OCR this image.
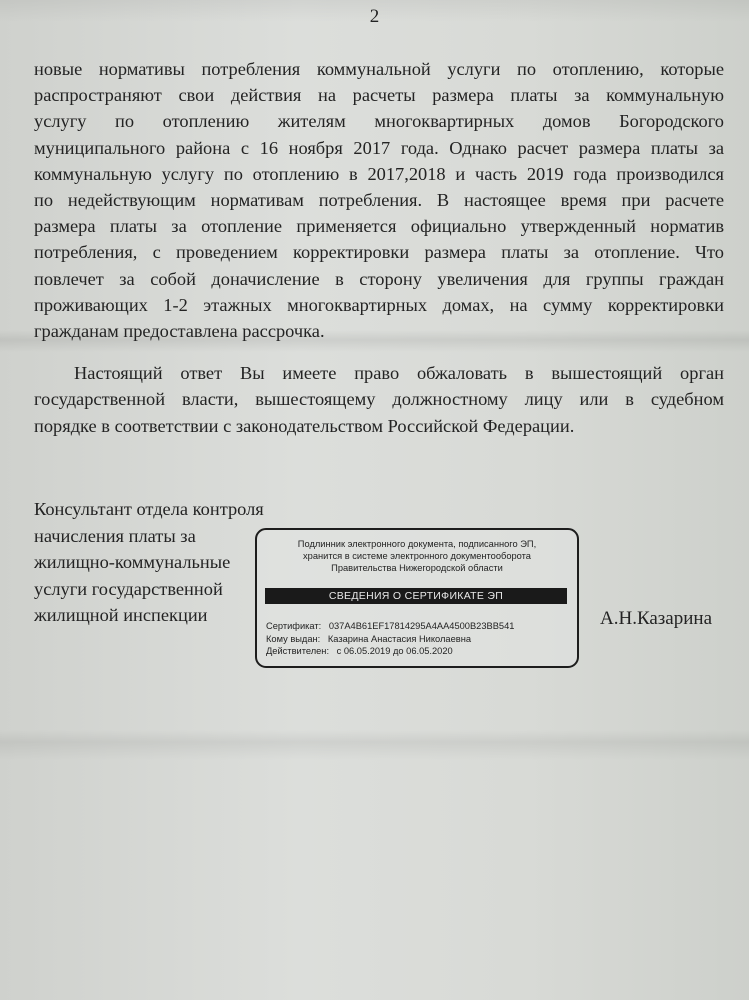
2
новые нормативы потребления коммунальной услуги по отоплению, которые
распространяют свои действия на расчеты размера платы за коммунальную
услугу по отоплению жителям многоквартирных домов Богородского
муниципального района с 16 ноября 2017 года. Однако расчет размера платы за
коммунальную услугу по отоплению в 2017,2018 и часть 2019 года производился
по недействующим нормативам потребления. В настоящее время при расчете
размера платы за отопление применяется официально утвержденный норматив
потребления, с проведением корректировки размера платы за отопление. Что
повлечет за собой доначисление в сторону увеличения для группы граждан
проживающих 1-2 этажных многоквартирных домах, на сумму корректировки
гражданам предоставлена рассрочка.
Настоящий ответ Вы имеете право обжаловать в вышестоящий орган
государственной власти, вышестоящему должностному лицу или в судебном
порядке в соответствии с законодательством Российской Федерации.
Консультант отдела контроля
начисления платы за
жилищно-коммунальные
услуги государственной
жилищной инспекции
Подлинник электронного документа, подписанного ЭП,
хранится в системе электронного документооборота
Правительства Нижегородской области
СВЕДЕНИЯ О СЕРТИФИКАТЕ ЭП
Сертификат: 037A4B61EF17814295A4AA4500B23BB541
Кому выдан: Казарина Анастасия Николаевна
Действителен: с 06.05.2019 до 06.05.2020
А.Н.Казарина
